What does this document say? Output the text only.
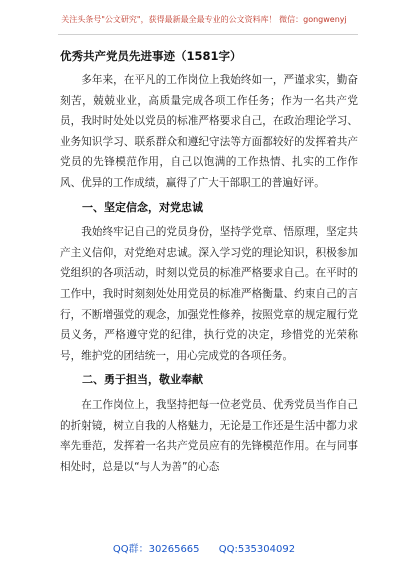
关注头条号"公文研究"，获得最新最全最专业的公文资料库！ 微信：gongwenyj
优秀共产党员先进事迹（1581字）

多年来，在平凡的工作岗位上我始终如一，严谨求实，勤奋刻苦，兢兢业业，高质量完成各项工作任务；作为一名共产党员，我时时处处以党员的标准严格要求自己，在政治理论学习、业务知识学习、联系群众和遵纪守法等方面都较好的发挥着共产党员的先锋模范作用，自己以饱满的工作热情、扎实的工作作风、优异的工作成绩，赢得了广大干部职工的普遍好评。

一、坚定信念，对党忠诚

我始终牢记自己的党员身份，坚持学党章、悟原理，坚定共产主义信仰，对党绝对忠诚。深入学习党的理论知识，积极参加党组织的各项活动，时刻以党员的标准严格要求自己。在平时的工作中，我时时刻刻处处用党员的标准严格衡量、约束自己的言行，不断增强党的观念，加强党性修养，按照党章的规定履行党员义务，严格遵守党的纪律，执行党的决定，珍惜党的光荣称号，维护党的团结统一，用心完成党的各项任务。

二、勇于担当，敬业奉献

在工作岗位上，我坚持把每一位老党员、优秀党员当作自己的折射镜，树立自我的人格魅力，无论是工作还是生活中都力求率先垂范，发挥着一名共产党员应有的先锋模范作用。在与同事相处时，总是以“与人为善”的心态

QQ群：30265665 QQ:535304092
